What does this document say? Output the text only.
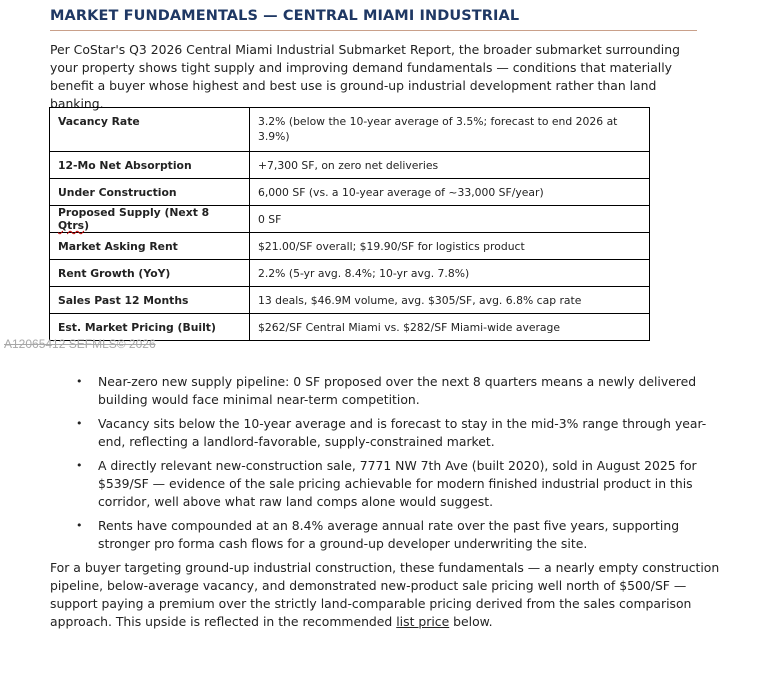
MARKET FUNDAMENTALS — CENTRAL MIAMI INDUSTRIAL

Per CoStar's Q3 2026 Central Miami Industrial Submarket Report, the broader submarket surrounding your property shows tight supply and improving demand fundamentals — conditions that materially benefit a buyer whose highest and best use is ground-up industrial development rather than land banking.

Vacancy Rate	3.2% (below the 10-year average of 3.5%; forecast to end 2026 at 3.9%)
12-Mo Net Absorption	+7,300 SF, on zero net deliveries
Under Construction	6,000 SF (vs. a 10-year average of ~33,000 SF/year)
Proposed Supply (Next 8 Qtrs)	0 SF
Market Asking Rent	$21.00/SF overall; $19.90/SF for logistics product
Rent Growth (YoY)	2.2% (5-yr avg. 8.4%; 10-yr avg. 7.8%)
Sales Past 12 Months	13 deals, $46.9M volume, avg. $305/SF, avg. 6.8% cap rate
Est. Market Pricing (Built)	$262/SF Central Miami vs. $282/SF Miami-wide average
A12065412 SEFMLS© 2026
• Near-zero new supply pipeline: 0 SF proposed over the next 8 quarters means a newly delivered building would face minimal near-term competition.
• Vacancy sits below the 10-year average and is forecast to stay in the mid-3% range through year-end, reflecting a landlord-favorable, supply-constrained market.
• A directly relevant new-construction sale, 7771 NW 7th Ave (built 2020), sold in August 2025 for $539/SF — evidence of the sale pricing achievable for modern finished industrial product in this corridor, well above what raw land comps alone would suggest.
• Rents have compounded at an 8.4% average annual rate over the past five years, supporting stronger pro forma cash flows for a ground-up developer underwriting the site.

For a buyer targeting ground-up industrial construction, these fundamentals — a nearly empty construction pipeline, below-average vacancy, and demonstrated new-product sale pricing well north of $500/SF — support paying a premium over the strictly land-comparable pricing derived from the sales comparison approach. This upside is reflected in the recommended list price below.
